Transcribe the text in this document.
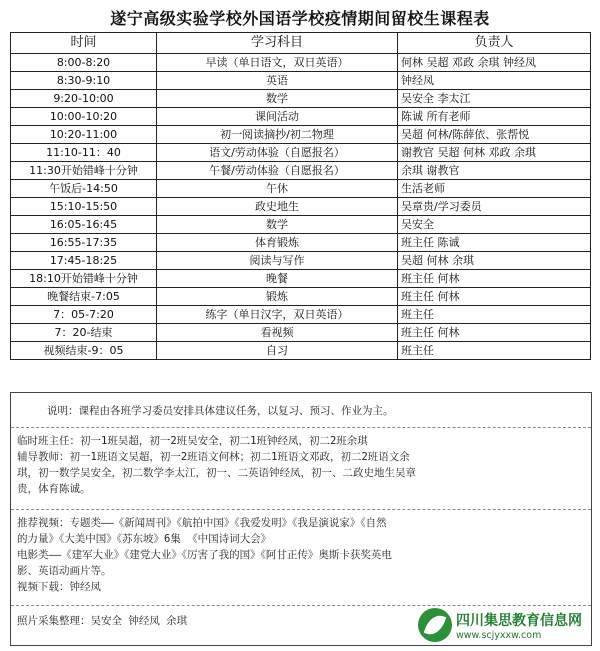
遂宁高级实验学校外国语学校疫情期间留校生课程表
时间	学习科目	负责人
8:00-8:20	早读（单日语文，双日英语）	何林 吴超 邓政 余琪 钟经凤
8:30-9:10	英语	钟经凤
9:20-10:00	数学	吴安全 李太江
10:00-10:20	课间活动	陈诚 所有老师
10:20-11:00	初一阅读摘抄/初二物理	吴超 何林/陈薛依、张帮悦
11:10-11：40	语文/劳动体验（自愿报名）	谢教官 吴超 何林 邓政 余琪
11:30开始错峰十分钟	午餐/劳动体验（自愿报名）	余琪 谢教官
午饭后-14:50	午休	生活老师
15:10-15:50	政史地生	吴章贵/学习委员
16:05-16:45	数学	吴安全
16:55-17:35	体育锻炼	班主任 陈诚
17:45-18:25	阅读与写作	吴超 何林 余琪
18:10开始错峰十分钟	晚餐	班主任 何林
晚餐结束-7:05	锻炼	班主任 何林
7：05-7:20	练字（单日汉字，双日英语）	班主任
7：20-结束	看视频	班主任 何林
视频结束-9：05	自习	班主任

说明：课程由各班学习委员安排具体建议任务，以复习、预习、作业为主。

临时班主任：初一1班吴超，初一2班吴安全，初二1班钟经凤，初二2班余琪

辅导教师：初一1班语文吴超，初一2班语文何林；初二1班语文邓政，初二2班语文余

琪，初一数学吴安全，初二数学李太江，初一、二英语钟经凤，初一、二政史地生吴章

贵，体育陈诚。

推荐视频：专题类——《新闻周刊》《航拍中国》《我爱发明》《我是演说家》《自然

的力量》《大美中国》《苏东坡》6集 《中国诗词大会》

电影类——《建军大业》《建党大业》《厉害了我的国》《阿甘正传》奥斯卡获奖英电

影、英语动画片等。

视频下载：钟经凤

照片采集整理：吴安全 钟经凤 余琪	四川集思教育信息网
www.scjyxxw.com
